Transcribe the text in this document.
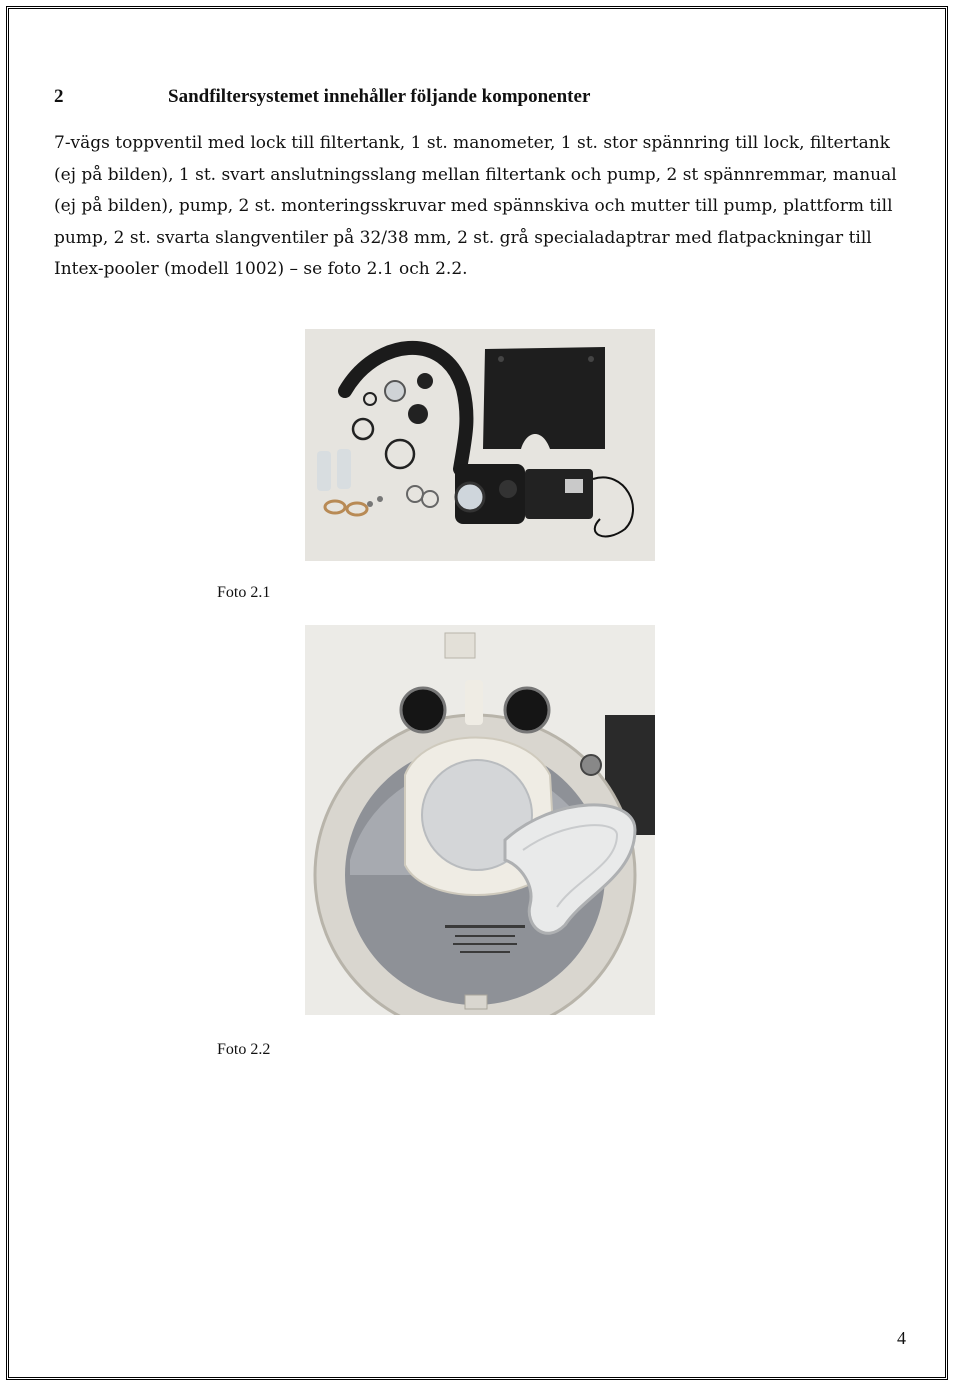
2	Sandfiltersystemet innehåller följande komponenter

7-vägs toppventil med lock till filtertank, 1 st. manometer, 1 st. stor spännring till lock, filtertank (ej på bilden), 1 st. svart anslutningsslang mellan filtertank och pump, 2 st spännremmar, manual (ej på bilden), pump, 2 st. monteringsskruvar med spännskiva och mutter till pump, plattform till pump, 2 st. svarta slangventiler på 32/38 mm, 2 st. grå specialadaptrar med flatpackningar till Intex-pooler (modell 1002) – se foto 2.1 och 2.2.

Foto 2.1
Foto 2.2
4
